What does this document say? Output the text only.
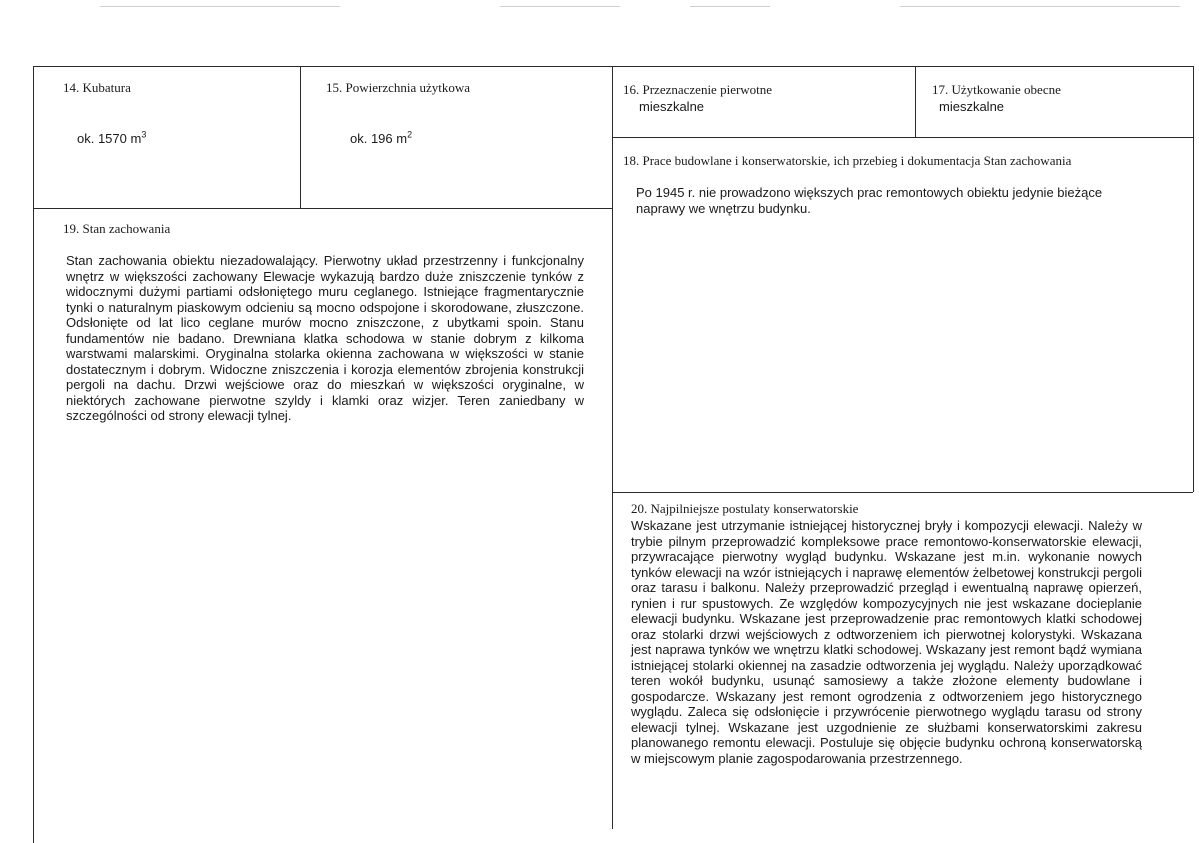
14. Kubatura
ok. 1570 $m^3$
15. Powierzchnia użytkowa
ok. 196 $m^2$
16. Przeznaczenie pierwotne
mieszkalne
17. Użytkowanie obecne
mieszkalne
18. Prace budowlane i konserwatorskie, ich przebieg i dokumentacja Stan zachowania
Po 1945 r. nie prowadzono większych prac remontowych obiektu jedynie bieżące naprawy we wnętrzu budynku.
19. Stan zachowania
Stan zachowania obiektu niezadowalający. Pierwotny układ przestrzenny i funkcjonalny wnętrz w większości zachowany Elewacje wykazują bardzo duże zniszczenie tynków z widocznymi dużymi partiami odsłoniętego muru ceglanego. Istniejące fragmentarycznie tynki o naturalnym piaskowym odcieniu są mocno odspojone i skorodowane, złuszczone. Odsłonięte od lat lico ceglane murów mocno zniszczone, z ubytkami spoin. Stanu fundamentów nie badano. Drewniana klatka schodowa w stanie dobrym z kilkoma warstwami malarskimi. Oryginalna stolarka okienna zachowana w większości w stanie dostatecznym i dobrym. Widoczne zniszczenia i korozja elementów zbrojenia konstrukcji pergoli na dachu. Drzwi wejściowe oraz do mieszkań w większości oryginalne, w niektórych zachowane pierwotne szyldy i klamki oraz wizjer. Teren zaniedbany w szczególności od strony elewacji tylnej.
20. Najpilniejsze postulaty konserwatorskie
Wskazane jest utrzymanie istniejącej historycznej bryły i kompozycji elewacji. Należy w trybie pilnym przeprowadzić kompleksowe prace remontowo-konserwatorskie elewacji, przywracające pierwotny wygląd budynku. Wskazane jest m.in. wykonanie nowych tynków elewacji na wzór istniejących i naprawę elementów żelbetowej konstrukcji pergoli oraz tarasu i balkonu. Należy przeprowadzić przegląd i ewentualną naprawę opierzeń, rynien i rur spustowych. Ze względów kompozycyjnych nie jest wskazane docieplanie elewacji budynku. Wskazane jest przeprowadzenie prac remontowych klatki schodowej oraz stolarki drzwi wejściowych z odtworzeniem ich pierwotnej kolorystyki. Wskazana jest naprawa tynków we wnętrzu klatki schodowej. Wskazany jest remont bądź wymiana istniejącej stolarki okiennej na zasadzie odtworzenia jej wyglądu. Należy uporządkować teren wokół budynku, usunąć samosiewy a także złożone elementy budowlane i gospodarcze. Wskazany jest remont ogrodzenia z odtworzeniem jego historycznego wyglądu. Zaleca się odsłonięcie i przywrócenie pierwotnego wyglądu tarasu od strony elewacji tylnej. Wskazane jest uzgodnienie ze służbami konserwatorskimi zakresu planowanego remontu elewacji. Postuluje się objęcie budynku ochroną konserwatorską w miejscowym planie zagospodarowania przestrzennego.
